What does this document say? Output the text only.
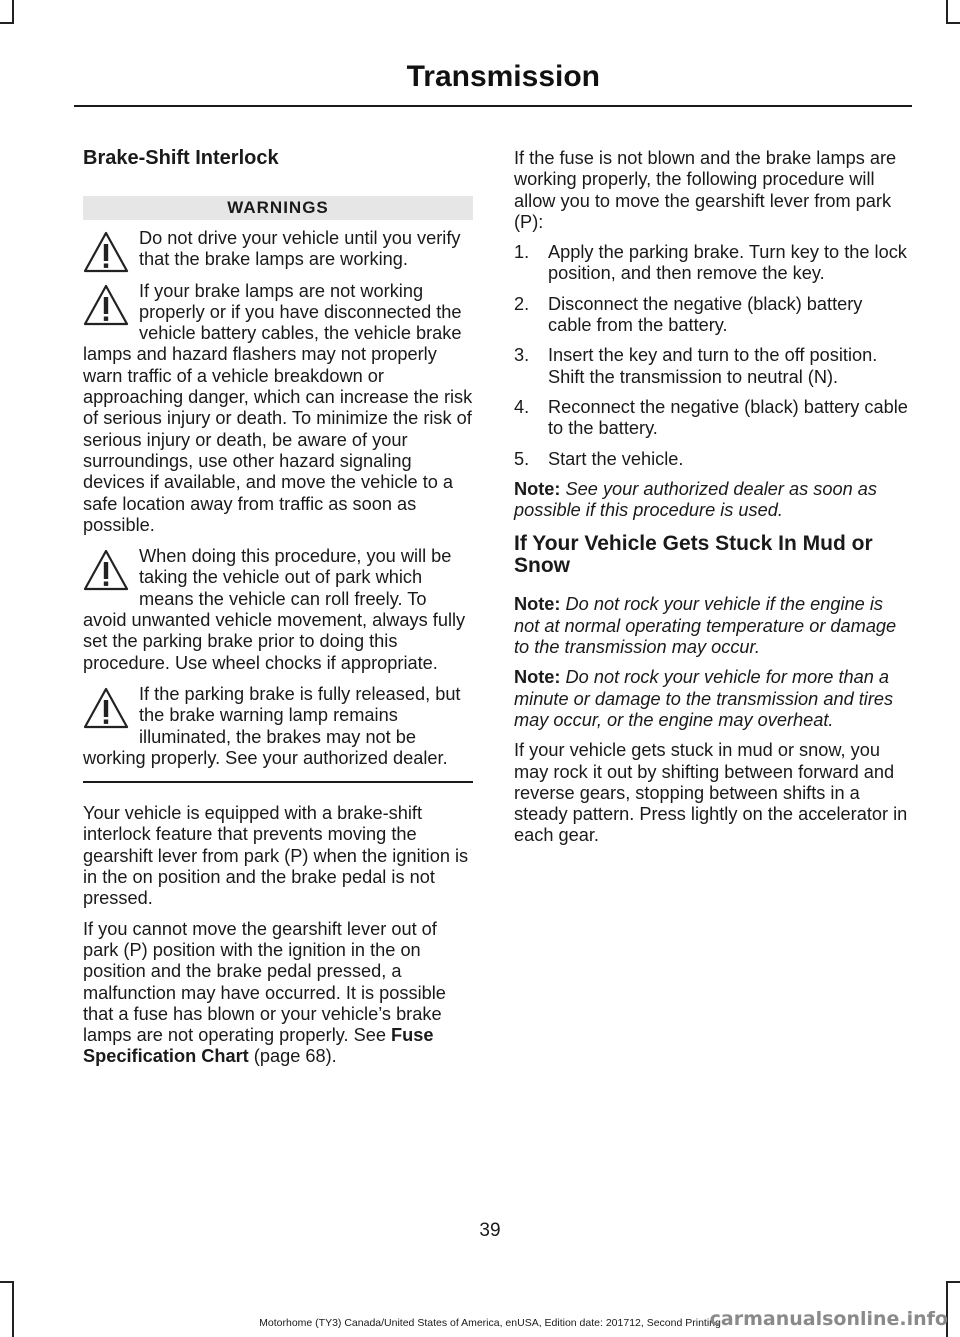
Transmission
Brake-Shift Interlock
WARNINGS
Do not drive your vehicle until you verify that the brake lamps are working.
If your brake lamps are not working properly or if you have disconnected the vehicle battery cables, the vehicle brake lamps and hazard flashers may not properly warn traffic of a vehicle breakdown or approaching danger, which can increase the risk of serious injury or death. To minimize the risk of serious injury or death, be aware of your surroundings, use other hazard signaling devices if available, and move the vehicle to a safe location away from traffic as soon as possible.
When doing this procedure, you will be taking the vehicle out of park which means the vehicle can roll freely. To avoid unwanted vehicle movement, always fully set the parking brake prior to doing this procedure. Use wheel chocks if appropriate.
If the parking brake is fully released, but the brake warning lamp remains illuminated, the brakes may not be working properly. See your authorized dealer.

Your vehicle is equipped with a brake-shift interlock feature that prevents moving the gearshift lever from park (P) when the ignition is in the on position and the brake pedal is not pressed.

If you cannot move the gearshift lever out of park (P) position with the ignition in the on position and the brake pedal pressed, a malfunction may have occurred. It is possible that a fuse has blown or your vehicle’s brake lamps are not operating properly. See Fuse Specification Chart (page 68).

If the fuse is not blown and the brake lamps are working properly, the following procedure will allow you to move the gearshift lever from park (P):

1. Apply the parking brake. Turn key to the lock position, and then remove the key.
2. Disconnect the negative (black) battery cable from the battery.
3. Insert the key and turn to the off position. Shift the transmission to neutral (N).
4. Reconnect the negative (black) battery cable to the battery.
5. Start the vehicle.

Note: See your authorized dealer as soon as possible if this procedure is used.

If Your Vehicle Gets Stuck In Mud or Snow

Note: Do not rock your vehicle if the engine is not at normal operating temperature or damage to the transmission may occur.

Note: Do not rock your vehicle for more than a minute or damage to the transmission and tires may occur, or the engine may overheat.

If your vehicle gets stuck in mud or snow, you may rock it out by shifting between forward and reverse gears, stopping between shifts in a steady pattern. Press lightly on the accelerator in each gear.

39
Motorhome (TY3) Canada/United States of America, enUSA, Edition date: 201712, Second Printing
carmanualsonline.info
